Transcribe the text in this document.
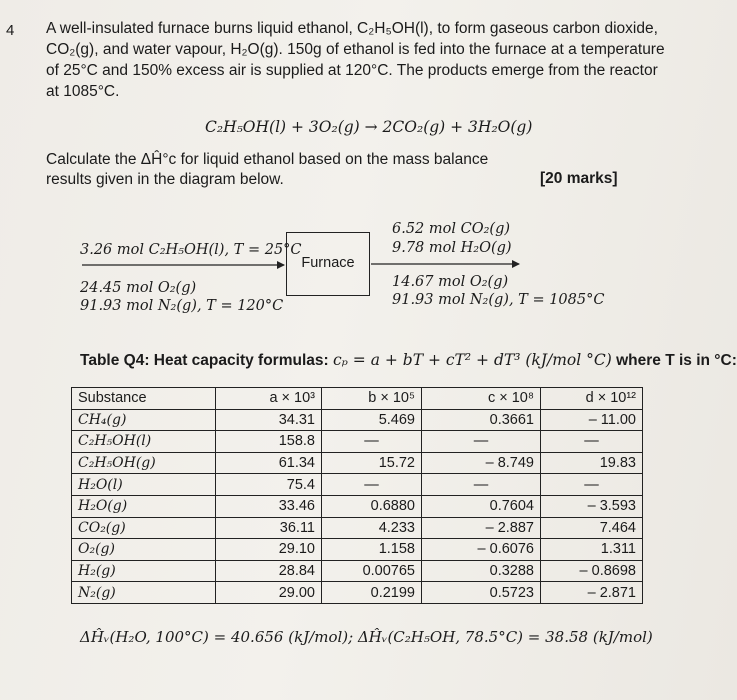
4 A well-insulated furnace burns liquid ethanol, C₂H₅OH(l), to form gaseous carbon dioxide, CO₂(g), and water vapour, H₂O(g). 150g of ethanol is fed into the furnace at a temperature of 25°C and 150% excess air is supplied at 120°C. The products emerge from the reactor at 1085°C.

C₂H₅OH(l) + 3O₂(g) → 2CO₂(g) + 3H₂O(g)

Calculate the ΔĤ°c for liquid ethanol based on the mass balance results given in the diagram below.	[20 marks]
3.26 mol C₂H₅OH(l), T = 25°C
24.45 mol O₂(g)
91.93 mol N₂(g), T = 120°C
Furnace
6.52 mol CO₂(g)
9.78 mol H₂O(g)
14.67 mol O₂(g)
91.93 mol N₂(g), T = 1085°C
Table Q4: Heat capacity formulas: cₚ = a + bT + cT² + dT³ (kJ/mol °C) where T is in °C:
Substance	a × 10³	b × 10⁵	c × 10⁸	d × 10¹²
CH₄(g)	34.31	5.469	0.3661	– 11.00
C₂H₅OH(l)	158.8	—	—	—
C₂H₅OH(g)	61.34	15.72	– 8.749	19.83
H₂O(l)	75.4	—	—	—
H₂O(g)	33.46	0.6880	0.7604	– 3.593
CO₂(g)	36.11	4.233	– 2.887	7.464
O₂(g)	29.10	1.158	– 0.6076	1.311
H₂(g)	28.84	0.00765	0.3288	– 0.8698
N₂(g)	29.00	0.2199	0.5723	– 2.871
ΔĤᵥ(H₂O, 100°C) = 40.656 (kJ/mol); ΔĤᵥ(C₂H₅OH, 78.5°C) = 38.58 (kJ/mol)
